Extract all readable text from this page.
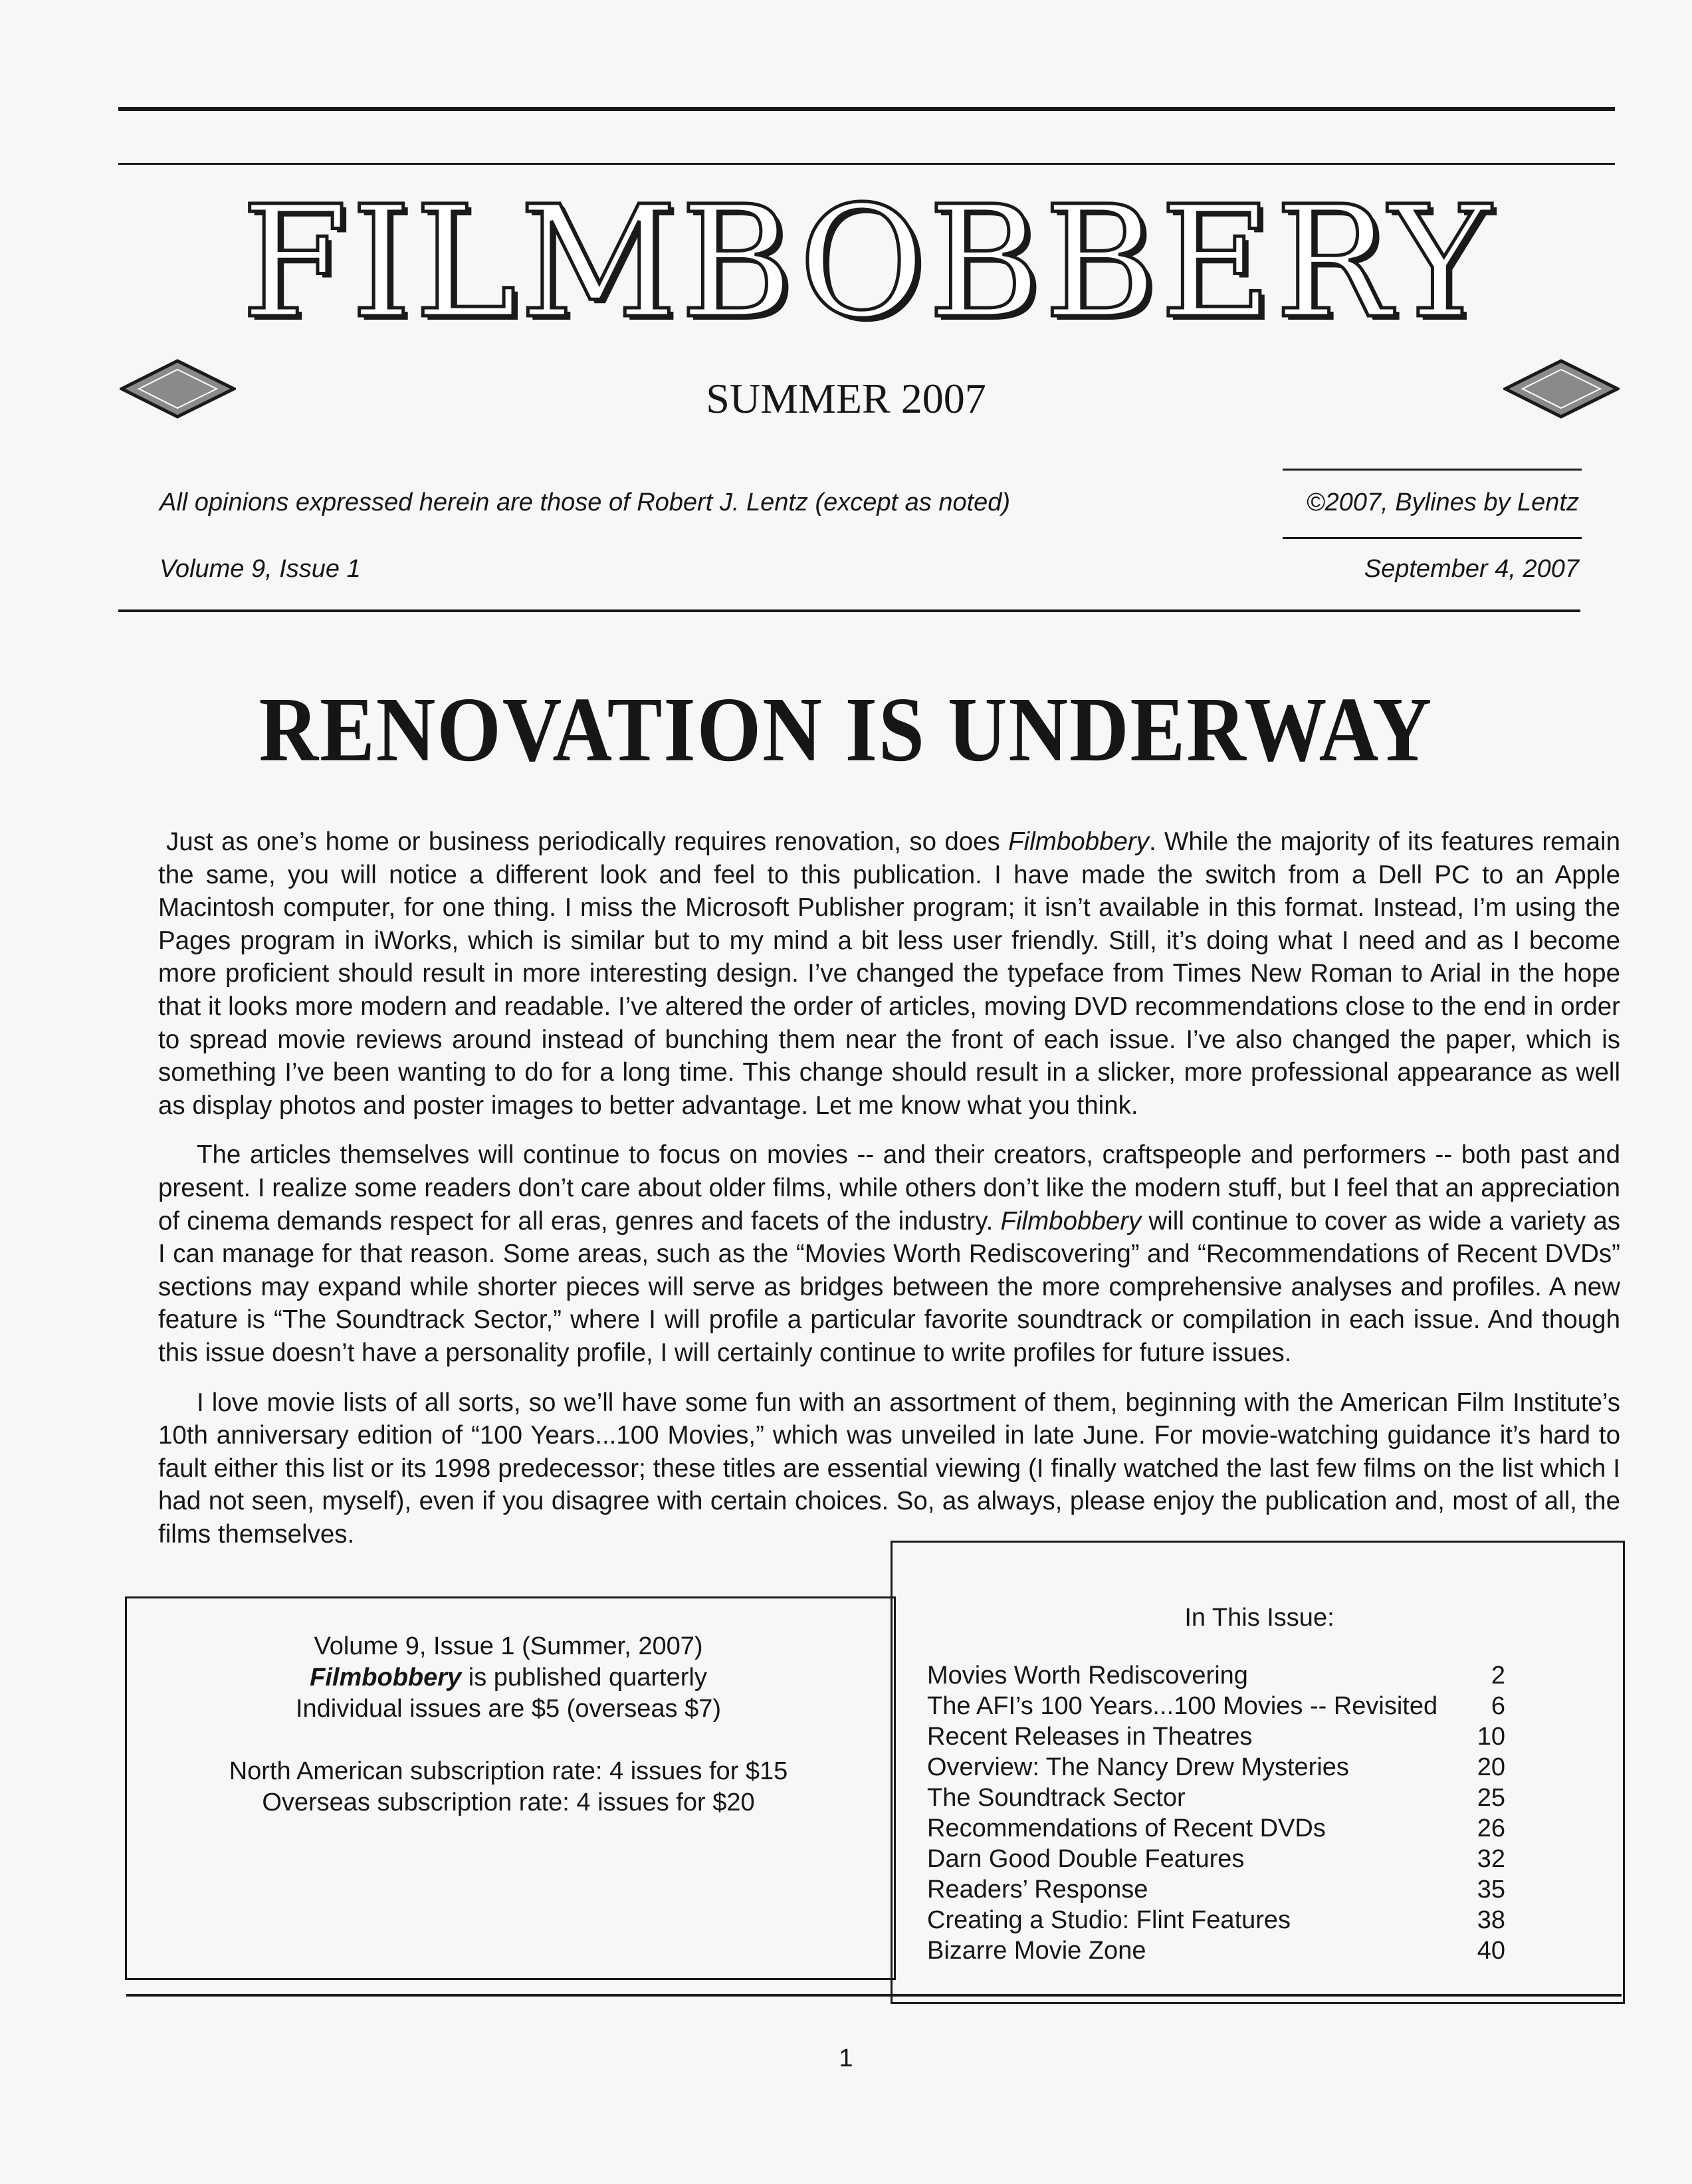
FILMBOBBERY
SUMMER 2007
All opinions expressed herein are those of Robert J. Lentz (except as noted)	©2007, Bylines by Lentz
Volume 9, Issue 1	September 4, 2007
RENOVATION IS UNDERWAY

Just as one’s home or business periodically requires renovation, so does Filmbobbery. While the majority of its features remain the same, you will notice a different look and feel to this publication. I have made the switch from a Dell PC to an Apple Macintosh computer, for one thing. I miss the Microsoft Publisher program; it isn’t available in this format. Instead, I’m using the Pages program in iWorks, which is similar but to my mind a bit less user friendly. Still, it’s doing what I need and as I become more proficient should result in more interesting design. I’ve changed the typeface from Times New Roman to Arial in the hope that it looks more modern and readable. I’ve altered the order of articles, moving DVD recommendations close to the end in order to spread movie reviews around instead of bunching them near the front of each issue. I’ve also changed the paper, which is something I’ve been wanting to do for a long time. This change should result in a slicker, more professional appearance as well as display photos and poster images to better advantage. Let me know what you think.

The articles themselves will continue to focus on movies -- and their creators, craftspeople and performers -- both past and present. I realize some readers don’t care about older films, while others don’t like the modern stuff, but I feel that an appreciation of cinema demands respect for all eras, genres and facets of the industry. Filmbobbery will continue to cover as wide a variety as I can manage for that reason. Some areas, such as the “Movies Worth Rediscovering” and “Recommendations of Recent DVDs” sections may expand while shorter pieces will serve as bridges between the more comprehensive analyses and profiles. A new feature is “The Soundtrack Sector,” where I will profile a particular favorite soundtrack or compilation in each issue. And though this issue doesn’t have a personality profile, I will certainly continue to write profiles for future issues.

I love movie lists of all sorts, so we’ll have some fun with an assortment of them, beginning with the American Film Institute’s 10th anniversary edition of “100 Years...100 Movies,” which was unveiled in late June. For movie-watching guidance it’s hard to fault either this list or its 1998 predecessor; these titles are essential viewing (I finally watched the last few films on the list which I had not seen, myself), even if you disagree with certain choices. So, as always, please enjoy the publication and, most of all, the films themselves.

Volume 9, Issue 1 (Summer, 2007)
Filmbobbery is published quarterly
Individual issues are $5 (overseas $7)
North American subscription rate: 4 issues for $15
Overseas subscription rate: 4 issues for $20
In This Issue:
Movies Worth Rediscovering	2
The AFI’s 100 Years...100 Movies -- Revisited 6
Recent Releases in Theatres	10
Overview: The Nancy Drew Mysteries	20
The Soundtrack Sector	25
Recommendations of Recent DVDs	26
Darn Good Double Features	32
Readers’ Response	35
Creating a Studio: Flint Features	38
Bizarre Movie Zone	40
1
